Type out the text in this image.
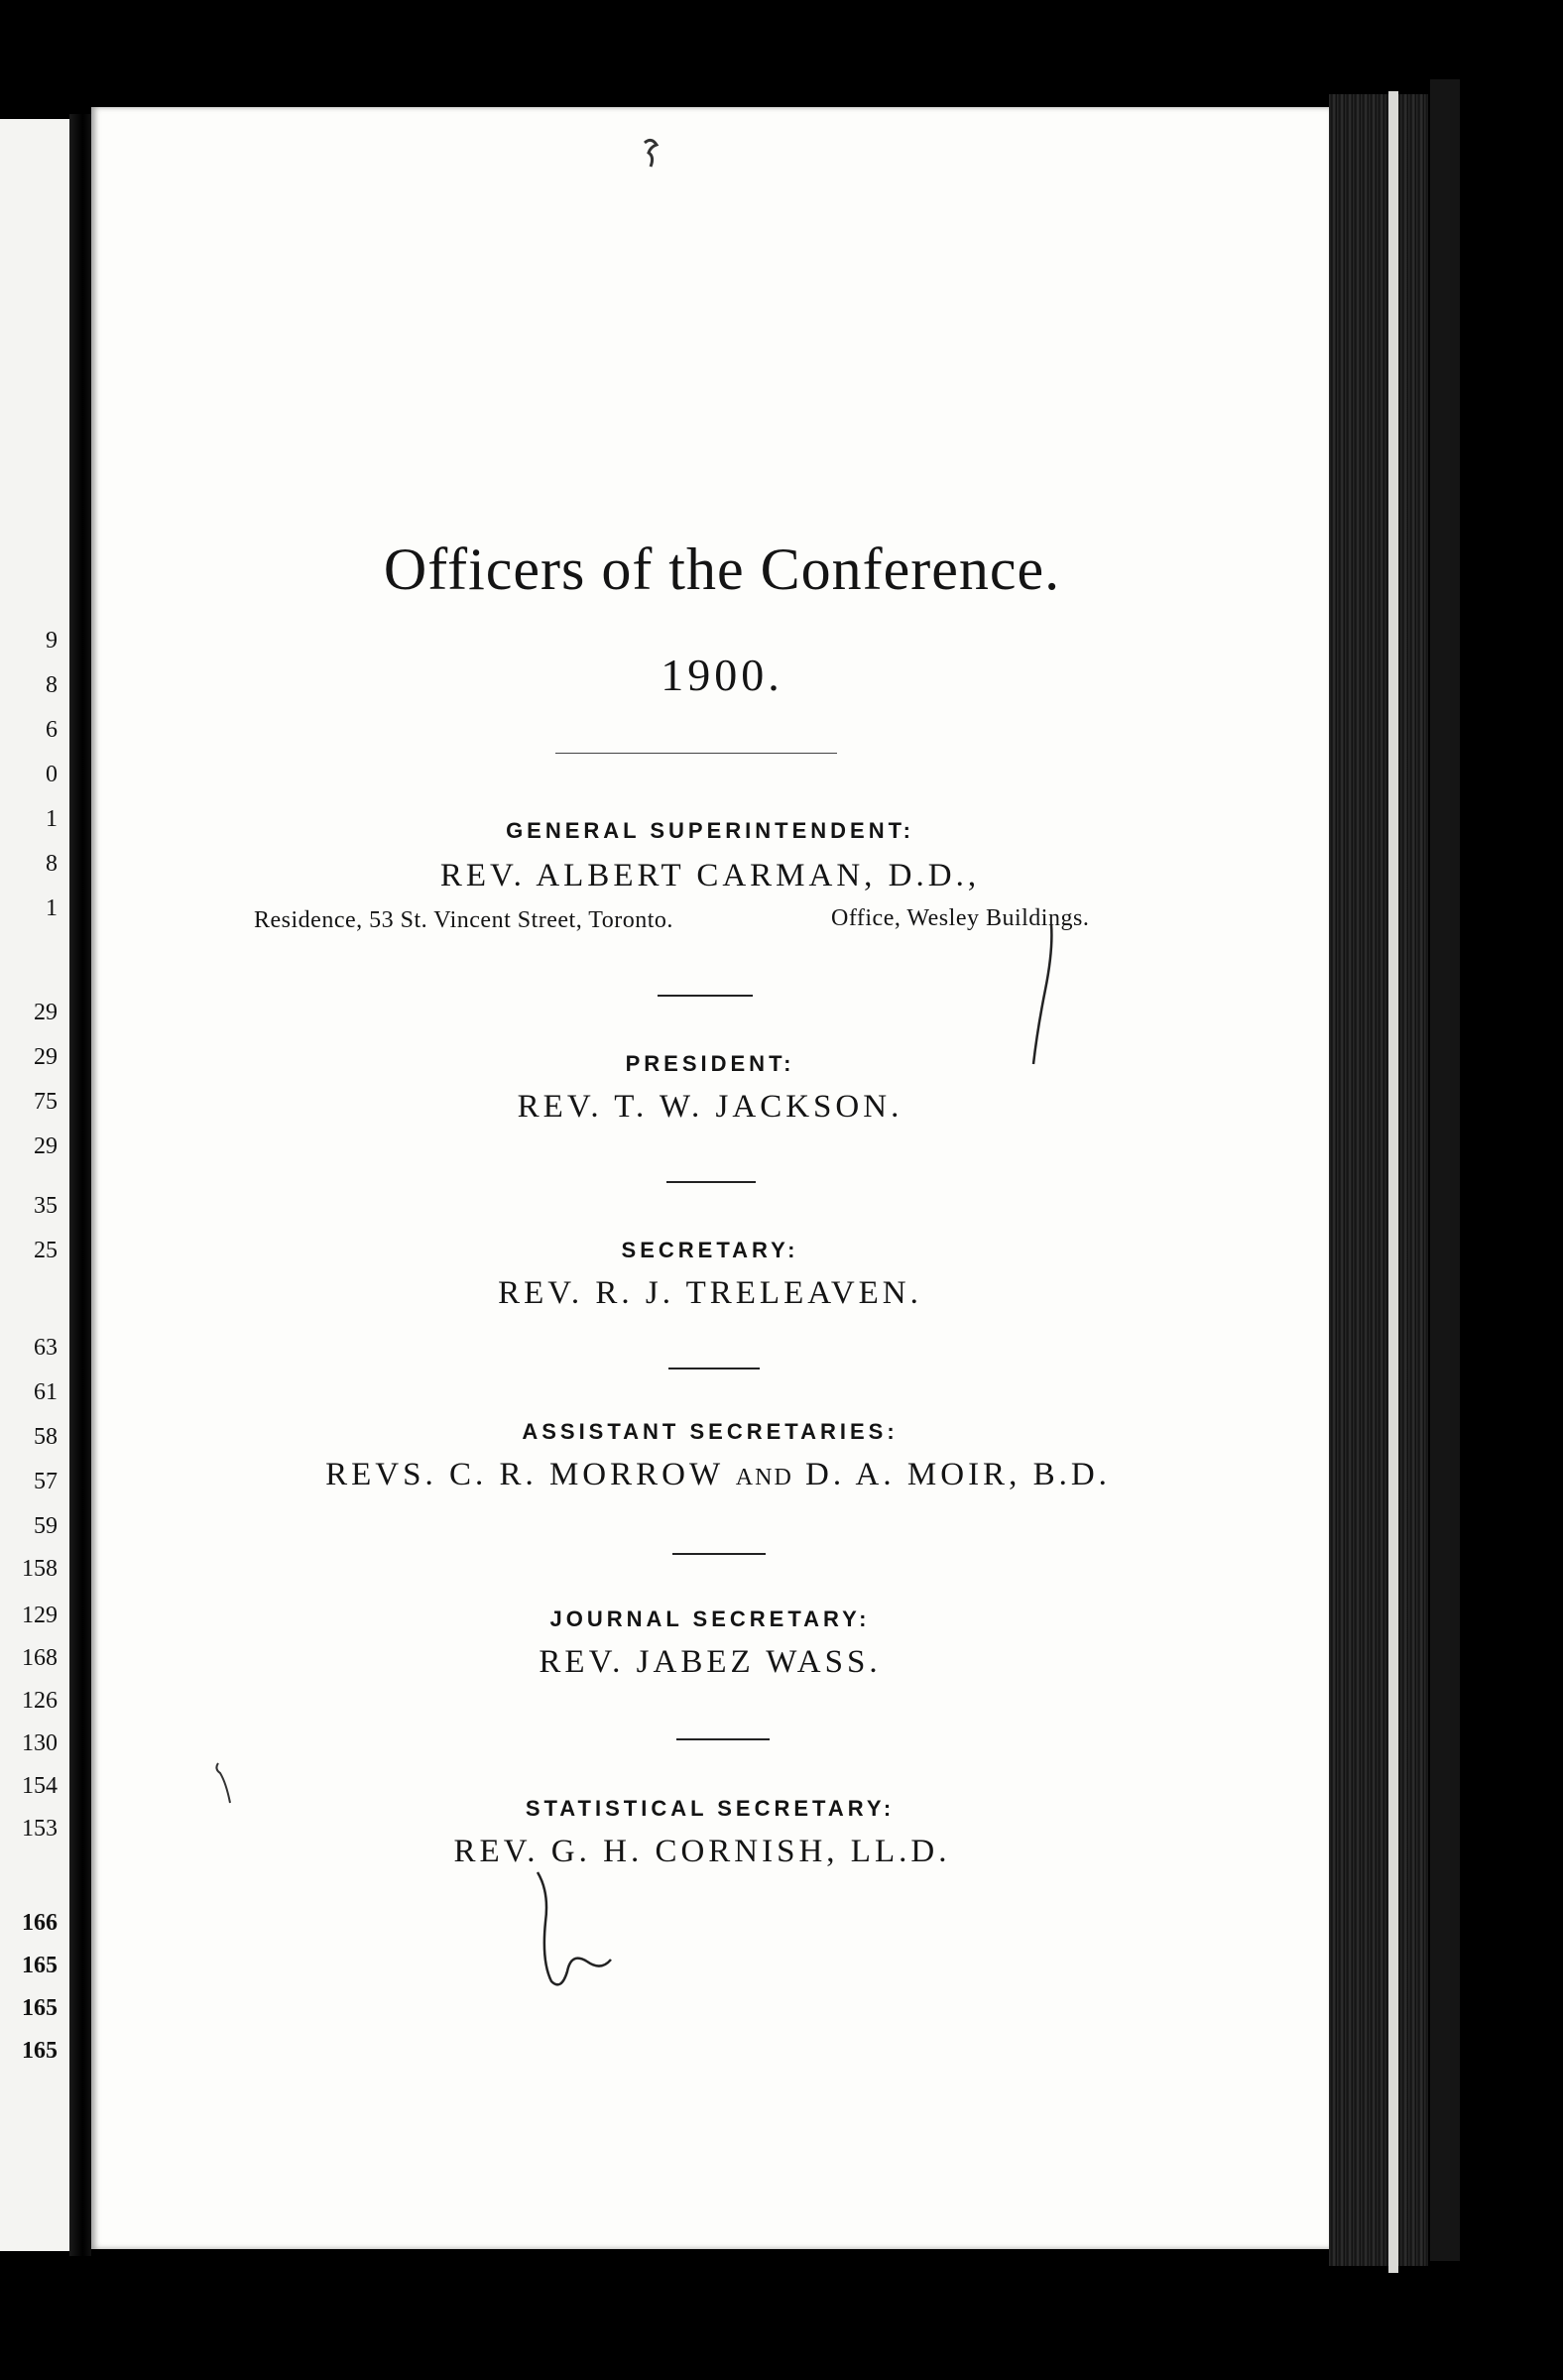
9
8
6
0
1
8
1
29
29
75
29
35
25
63
61
58
57
59
158
129
168
126
130
154
153
166
165
165
165
Officers of the Conference.
1900.
GENERAL SUPERINTENDENT:
REV. ALBERT CARMAN, D.D.,
Residence, 53 St. Vincent Street, Toronto.	Office, Wesley Buildings.
PRESIDENT:
REV. T. W. JACKSON.
SECRETARY:
REV. R. J. TRELEAVEN.
ASSISTANT SECRETARIES:
REVS. C. R. MORROW AND D. A. MOIR, B.D.
JOURNAL SECRETARY:
REV. JABEZ WASS.
STATISTICAL SECRETARY:
REV. G. H. CORNISH, LL.D.
